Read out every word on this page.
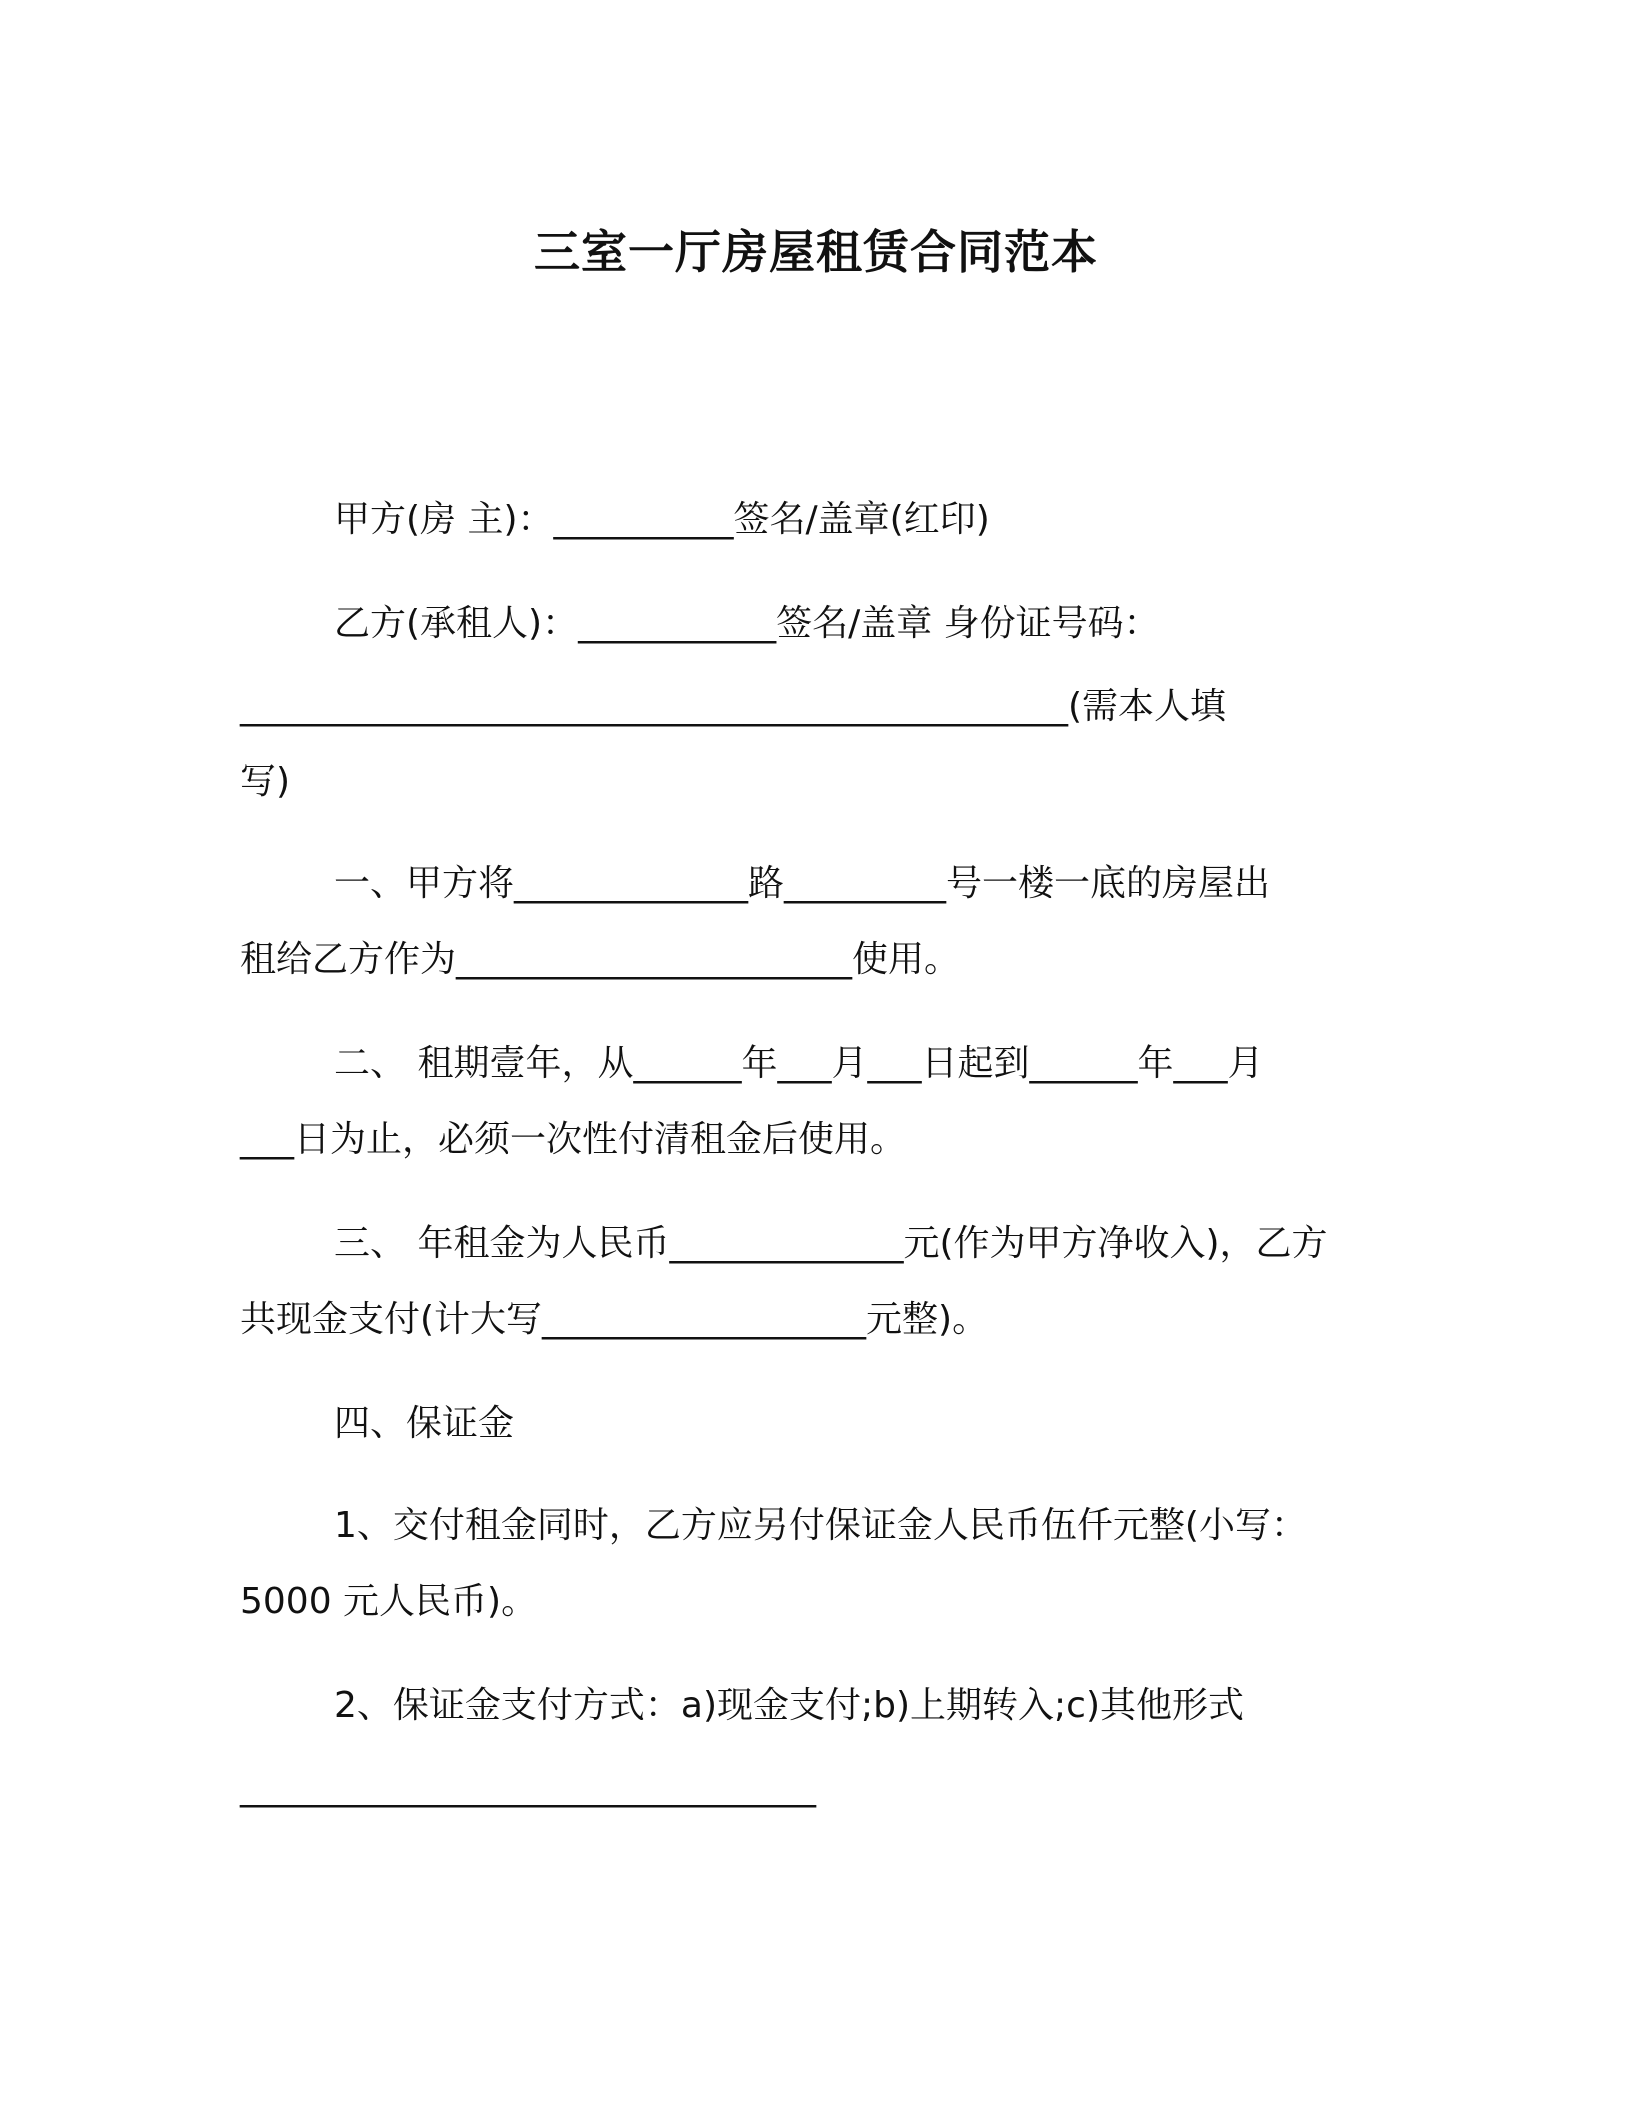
三室一厅房屋租赁合同范本
甲方(房 主)：__________签名/盖章(红印)
乙方(承租人)：___________签名/盖章 身份证号码：
______________________________________________(需本人填
写)
一、甲方将_____________路_________号一楼一底的房屋出
租给乙方作为______________________使用。
二、 租期壹年，从______年___月___日起到______年___月
___日为止，必须一次性付清租金后使用。
三、 年租金为人民币_____________元(作为甲方净收入)，乙方
共现金支付(计大写__________________元整)。
四、保证金
1、交付租金同时，乙方应另付保证金人民币伍仟元整(小写：
5000 元人民币)。
2、保证金支付方式：a)现金支付;b)上期转入;c)其他形式
________________________________
